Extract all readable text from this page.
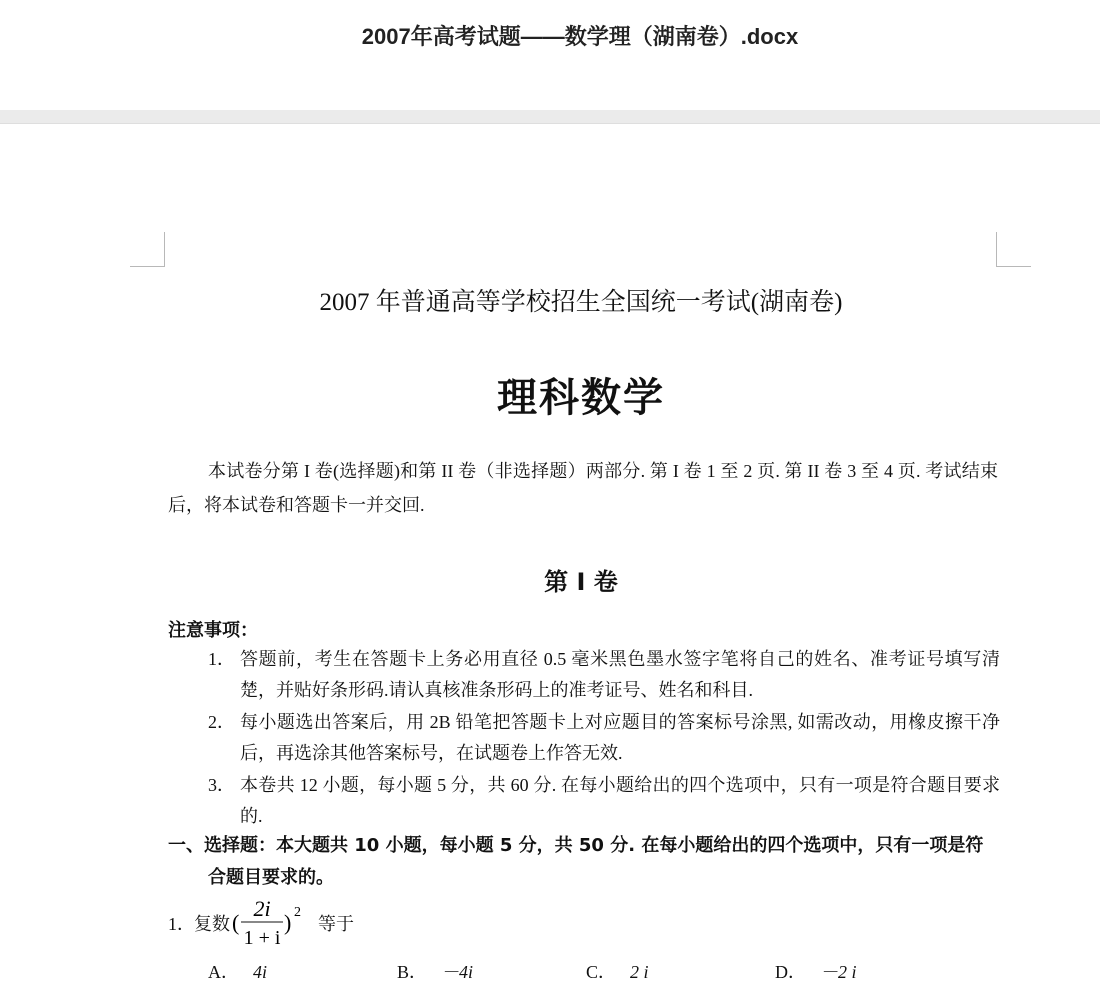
2007年高考试题——数学理（湖南卷）.docx
2007 年普通高等学校招生全国统一考试(湖南卷)
理科数学
本试卷分第 I 卷(选择题)和第 II 卷（非选择题）两部分. 第 I 卷 1 至 2 页. 第 II 卷 3 至 4 页. 考试结束后，将本试卷和答题卡一并交回.
第 Ⅰ 卷
注意事项：
1． 答题前，考生在答题卡上务必用直径 0.5 毫米黑色墨水签字笔将自己的姓名、准考证号填写清楚，并贴好条形码.请认真核准条形码上的准考证号、姓名和科目.
2． 每小题选出答案后，用 2B 铅笔把答题卡上对应题目的答案标号涂黑, 如需改动，用橡皮擦干净后，再选涂其他答案标号，在试题卷上作答无效.
3． 本卷共 12 小题，每小题 5 分，共 60 分. 在每小题给出的四个选项中，只有一项是符合题目要求的.
一、选择题：本大题共 10 小题，每小题 5 分，共 50 分. 在每小题给出的四个选项中，只有一项是符合题目要求的。
1． 复数 (
2i
1 + i
) 2
等于
A． 4i	B． －4i	C． 2 i	D． －2 i
